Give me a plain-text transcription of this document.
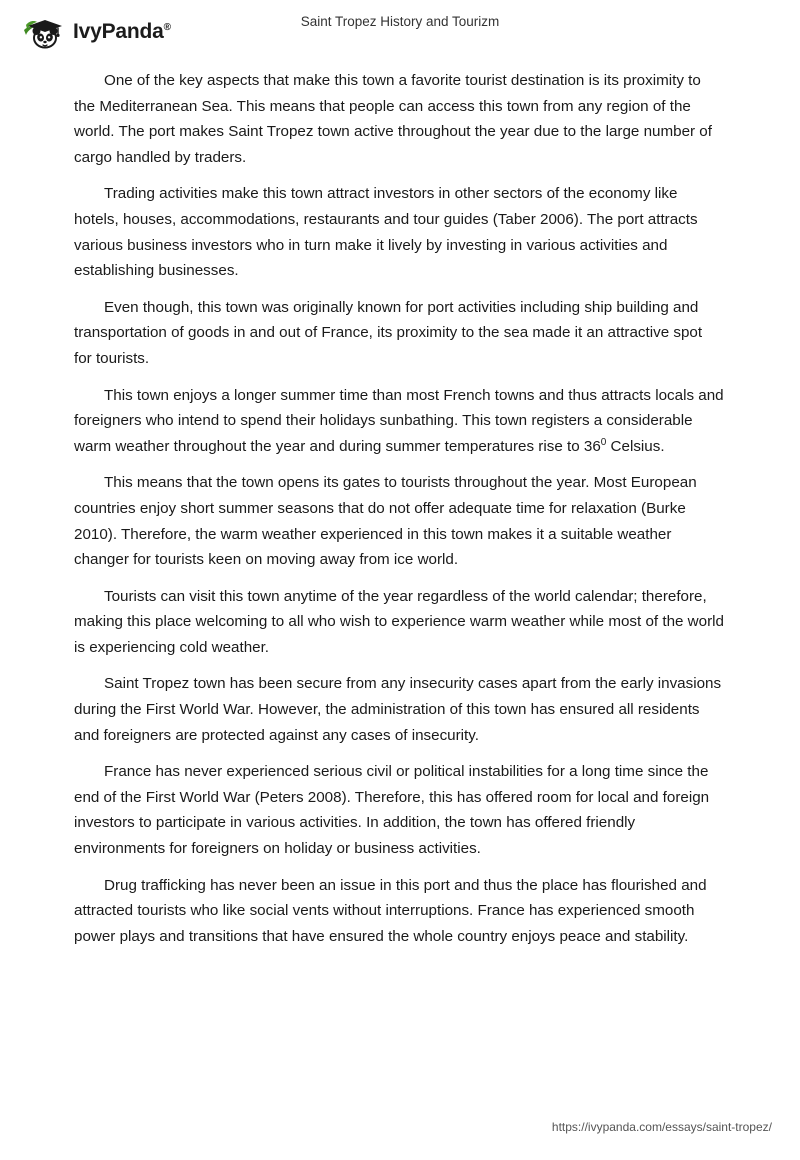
IvyPanda®	Saint Tropez History and Tourizm

One of the key aspects that make this town a favorite tourist destination is its proximity to the Mediterranean Sea. This means that people can access this town from any region of the world. The port makes Saint Tropez town active throughout the year due to the large number of cargo handled by traders.

Trading activities make this town attract investors in other sectors of the economy like hotels, houses, accommodations, restaurants and tour guides (Taber 2006). The port attracts various business investors who in turn make it lively by investing in various activities and establishing businesses.

Even though, this town was originally known for port activities including ship building and transportation of goods in and out of France, its proximity to the sea made it an attractive spot for tourists.

This town enjoys a longer summer time than most French towns and thus attracts locals and foreigners who intend to spend their holidays sunbathing. This town registers a considerable warm weather throughout the year and during summer temperatures rise to $36^0$ Celsius.

This means that the town opens its gates to tourists throughout the year. Most European countries enjoy short summer seasons that do not offer adequate time for relaxation (Burke 2010). Therefore, the warm weather experienced in this town makes it a suitable weather changer for tourists keen on moving away from ice world.

Tourists can visit this town anytime of the year regardless of the world calendar; therefore, making this place welcoming to all who wish to experience warm weather while most of the world is experiencing cold weather.

Saint Tropez town has been secure from any insecurity cases apart from the early invasions during the First World War. However, the administration of this town has ensured all residents and foreigners are protected against any cases of insecurity.

France has never experienced serious civil or political instabilities for a long time since the end of the First World War (Peters 2008). Therefore, this has offered room for local and foreign investors to participate in various activities. In addition, the town has offered friendly environments for foreigners on holiday or business activities.

Drug trafficking has never been an issue in this port and thus the place has flourished and attracted tourists who like social vents without interruptions. France has experienced smooth power plays and transitions that have ensured the whole country enjoys peace and stability.

https://ivypanda.com/essays/saint-tropez/
